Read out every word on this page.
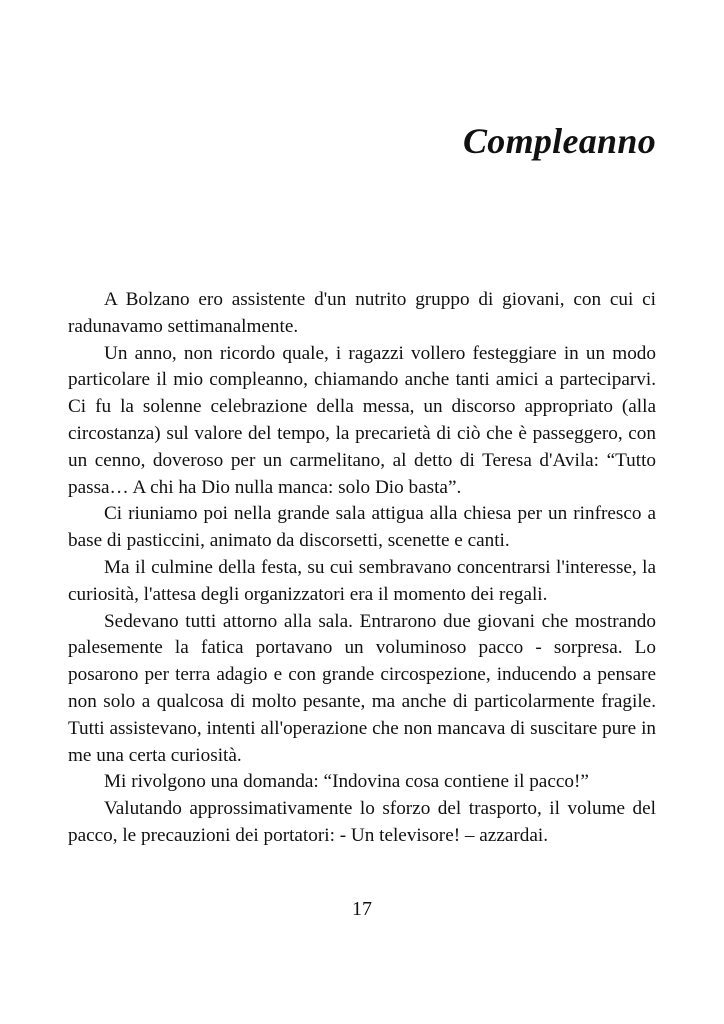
Compleanno

A Bolzano ero assistente d'un nutrito gruppo di giovani, con cui ci radunavamo settimanalmente.

Un anno, non ricordo quale, i ragazzi vollero festeggiare in un modo particolare il mio compleanno, chiamando anche tanti amici a parteciparvi. Ci fu la solenne celebrazione della messa, un discorso appropriato (alla circostanza) sul valore del tempo, la precarietà di ciò che è passeggero, con un cenno, doveroso per un carmelitano, al detto di Teresa d'Avila: “Tutto passa… A chi ha Dio nulla manca: solo Dio basta”.

Ci riuniamo poi nella grande sala attigua alla chiesa per un rinfresco a base di pasticcini, animato da discorsetti, scenette e canti.

Ma il culmine della festa, su cui sembravano concentrarsi l'interesse, la curiosità, l'attesa degli organizzatori era il momento dei regali.

Sedevano tutti attorno alla sala. Entrarono due giovani che mostrando palesemente la fatica portavano un voluminoso pacco - sorpresa. Lo posarono per terra adagio e con grande circospezione, inducendo a pensare non solo a qualcosa di molto pesante, ma anche di particolarmente fragile. Tutti assistevano, intenti all'operazione che non mancava di suscitare pure in me una certa curiosità.

Mi rivolgono una domanda: “Indovina cosa contiene il pacco!”

Valutando approssimativamente lo sforzo del trasporto, il volume del pacco, le precauzioni dei portatori: - Un televisore! – azzardai.

17
